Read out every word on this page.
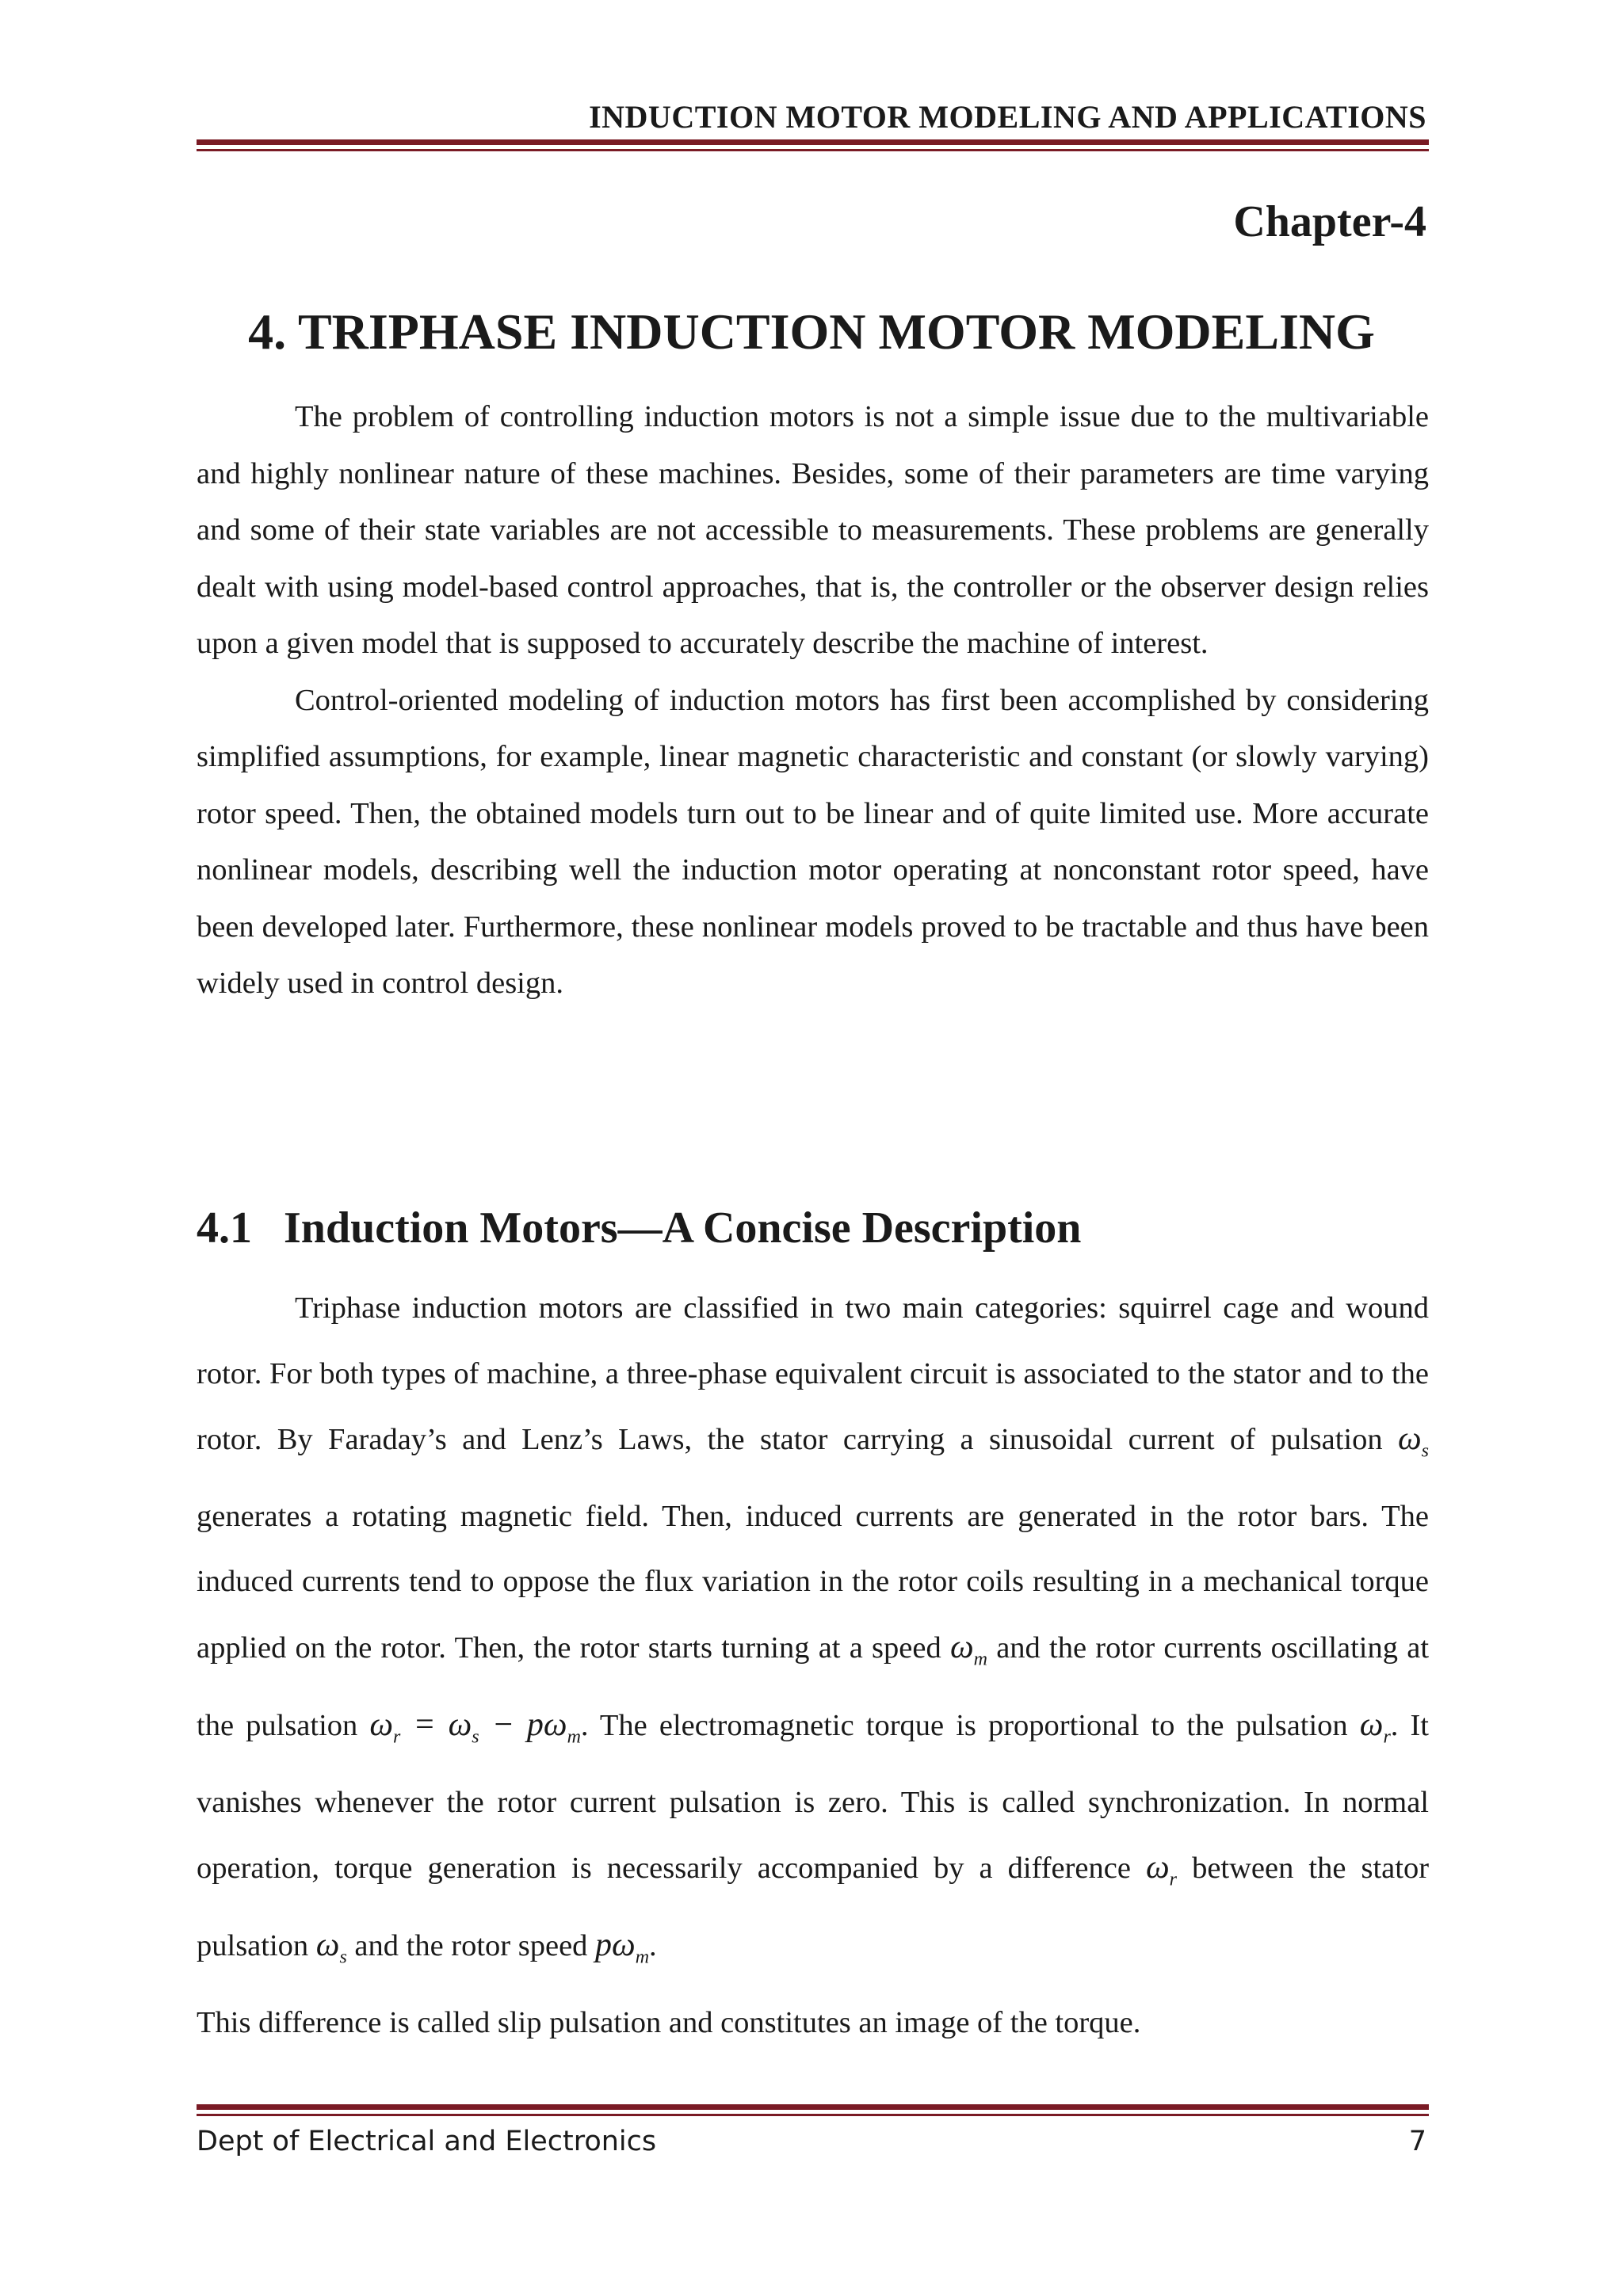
INDUCTION MOTOR MODELING AND APPLICATIONS
Chapter-4
4. TRIPHASE INDUCTION MOTOR MODELING

The problem of controlling induction motors is not a simple issue due to the multivariable and highly nonlinear nature of these machines. Besides, some of their parameters are time varying and some of their state variables are not accessible to measurements. These problems are generally dealt with using model-based control approaches, that is, the controller or the observer design relies upon a given model that is supposed to accurately describe the machine of interest.

Control-oriented modeling of induction motors has first been accomplished by considering simplified assumptions, for example, linear magnetic characteristic and constant (or slowly varying) rotor speed. Then, the obtained models turn out to be linear and of quite limited use. More accurate nonlinear models, describing well the induction motor operating at nonconstant rotor speed, have been developed later. Furthermore, these nonlinear models proved to be tractable and thus have been widely used in control design.

4.1 Induction Motors—A Concise Description

Triphase induction motors are classified in two main categories: squirrel cage and wound rotor. For both types of machine, a three-phase equivalent circuit is associated to the stator and to the rotor. By Faraday’s and Lenz’s Laws, the stator carrying a sinusoidal current of pulsation $\omega_s$ generates a rotating magnetic field. Then, induced currents are generated in the rotor bars. The induced currents tend to oppose the flux variation in the rotor coils resulting in a mechanical torque applied on the rotor. Then, the rotor starts turning at a speed $\omega_m$ and the rotor currents oscillating at the pulsation $\omega_r = \omega_s - p\omega_m$. The electromagnetic torque is proportional to the pulsation $\omega_r$. It vanishes whenever the rotor current pulsation is zero. This is called synchronization. In normal operation, torque generation is necessarily accompanied by a difference $\omega_r$ between the stator pulsation $\omega_s$ and the rotor speed $p\omega_m$.

This difference is called slip pulsation and constitutes an image of the torque.

Dept of Electrical and Electronics	7
